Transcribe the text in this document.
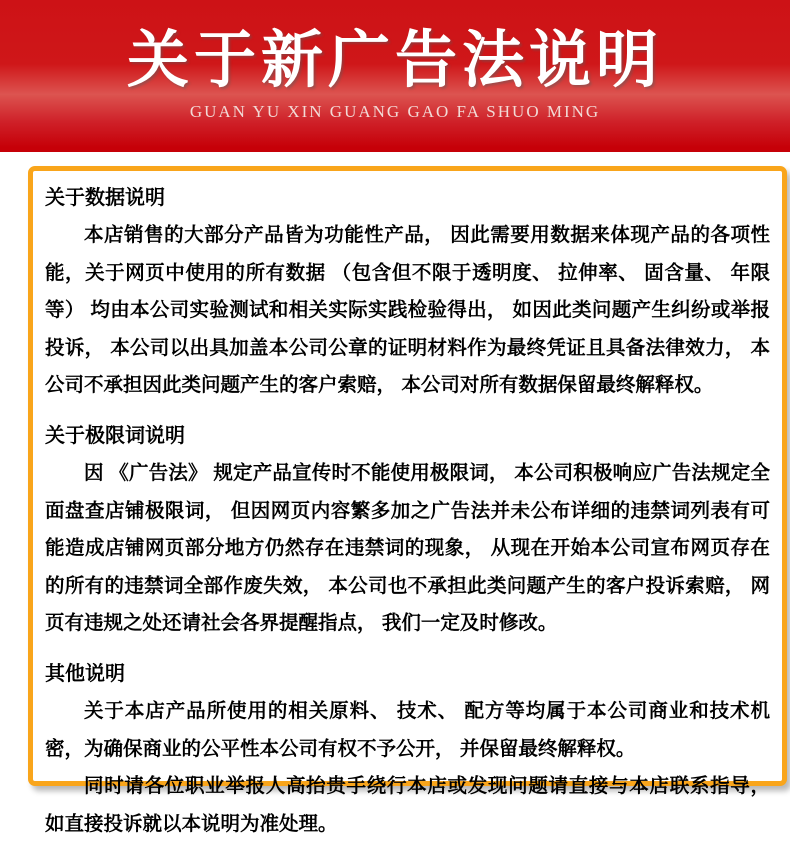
关于新广告法说明
GUAN YU XIN GUANG GAO FA SHUO MING
关于数据说明

本店销售的大部分产品皆为功能性产品， 因此需要用数据来体现产品的各项性能，关于网页中使用的所有数据 （包含但不限于透明度、 拉伸率、 固含量、 年限等） 均由本公司实验测试和相关实际实践检验得出， 如因此类问题产生纠纷或举报投诉， 本公司以出具加盖本公司公章的证明材料作为最终凭证且具备法律效力， 本公司不承担因此类问题产生的客户索赔， 本公司对所有数据保留最终解释权。

关于极限词说明

因 《广告法》 规定产品宣传时不能使用极限词， 本公司积极响应广告法规定全面盘查店铺极限词， 但因网页内容繁多加之广告法并未公布详细的违禁词列表有可能造成店铺网页部分地方仍然存在违禁词的现象， 从现在开始本公司宣布网页存在的所有的违禁词全部作废失效， 本公司也不承担此类问题产生的客户投诉索赔， 网页有违规之处还请社会各界提醒指点， 我们一定及时修改。

其他说明

关于本店产品所使用的相关原料、 技术、 配方等均属于本公司商业和技术机密，为确保商业的公平性本公司有权不予公开， 并保留最终解释权。

同时请各位职业举报人高抬贵手绕行本店或发现问题请直接与本店联系指导， 如直接投诉就以本说明为准处理。
